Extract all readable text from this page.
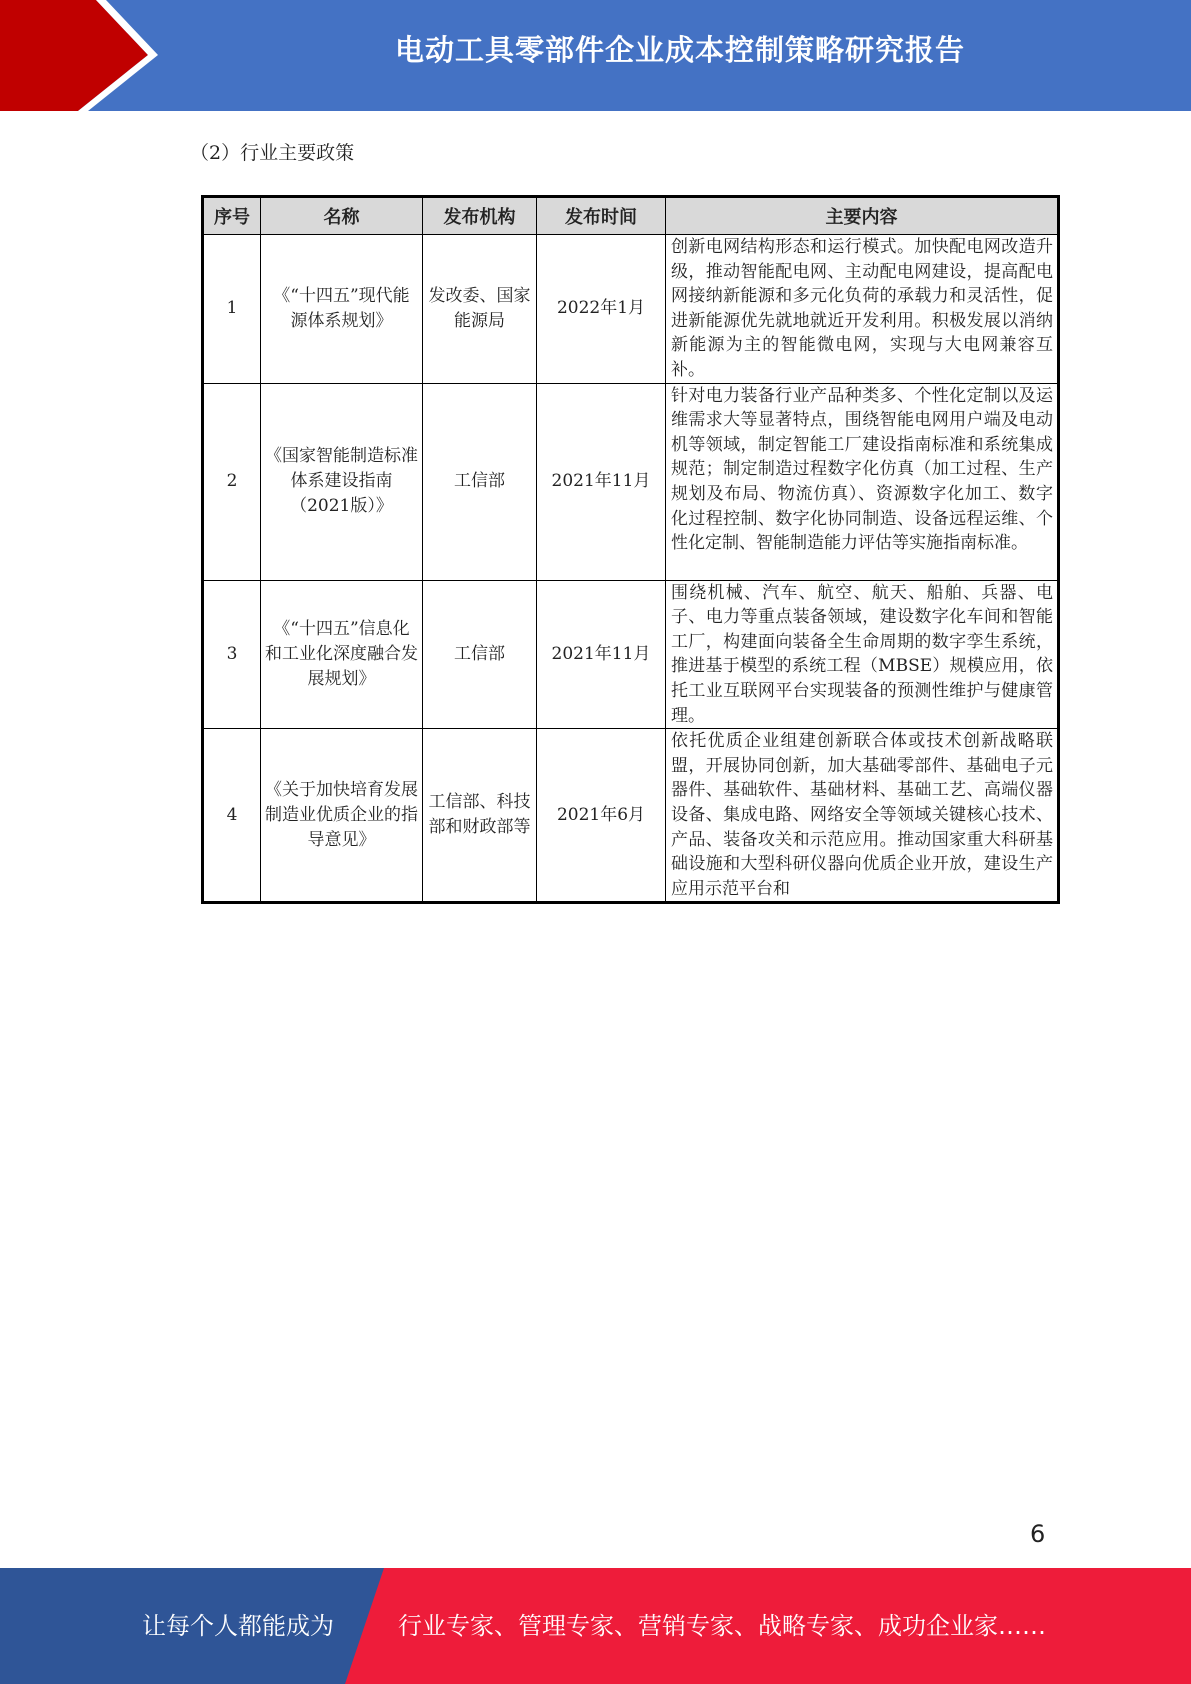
电动工具零部件企业成本控制策略研究报告
（2）行业主要政策
序号	名称	发布机构	发布时间	主要内容
1	《“十四五”现代能源体系规划》	发改委、国家能源局	2022年1月	创新电网结构形态和运行模式。加快配电网改造升级，推动智能配电网、主动配电网建设，提高配电网接纳新能源和多元化负荷的承载力和灵活性，促进新能源优先就地就近开发利用。积极发展以消纳新能源为主的智能微电网，实现与大电网兼容互补。
2	《国家智能制造标准体系建设指南（2021版）》	工信部	2021年11月	针对电力装备行业产品种类多、个性化定制以及运维需求大等显著特点，围绕智能电网用户端及电动机等领域，制定智能工厂建设指南标准和系统集成规范；制定制造过程数字化仿真（加工过程、生产规划及布局、物流仿真）、资源数字化加工、数字化过程控制、数字化协同制造、设备远程运维、个性化定制、智能制造能力评估等实施指南标准。
3	《“十四五”信息化和工业化深度融合发展规划》	工信部	2021年11月	围绕机械、汽车、航空、航天、船舶、兵器、电子、电力等重点装备领域，建设数字化车间和智能工厂，构建面向装备全生命周期的数字孪生系统，推进基于模型的系统工程（MBSE）规模应用，依托工业互联网平台实现装备的预测性维护与健康管理。
4	《关于加快培育发展制造业优质企业的指导意见》	工信部、科技部和财政部等	2021年6月	依托优质企业组建创新联合体或技术创新战略联盟，开展协同创新，加大基础零部件、基础电子元器件、基础软件、基础材料、基础工艺、高端仪器设备、集成电路、网络安全等领域关键核心技术、产品、装备攻关和示范应用。推动国家重大科研基础设施和大型科研仪器向优质企业开放，建设生产应用示范平台和
6
让每个人都能成为	行业专家、管理专家、营销专家、战略专家、成功企业家……
